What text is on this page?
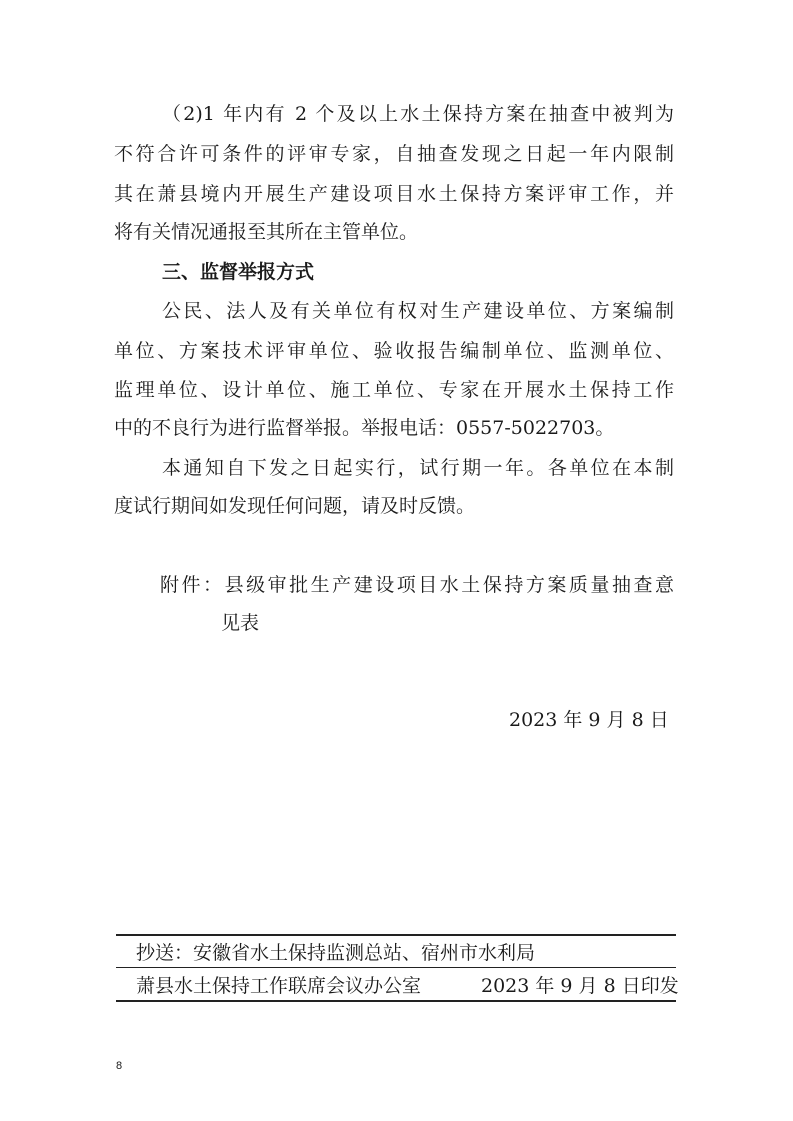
（2)1 年内有 2 个及以上水土保持方案在抽查中被判为
不符合许可条件的评审专家，自抽查发现之日起一年内限制
其在萧县境内开展生产建设项目水土保持方案评审工作，并
将有关情况通报至其所在主管单位。
三、监督举报方式
公民、法人及有关单位有权对生产建设单位、方案编制
单位、方案技术评审单位、验收报告编制单位、监测单位、
监理单位、设计单位、施工单位、专家在开展水土保持工作
中的不良行为进行监督举报。举报电话：0557-5022703。
本通知自下发之日起实行，试行期一年。各单位在本制
度试行期间如发现任何问题，请及时反馈。
附件：县级审批生产建设项目水土保持方案质量抽查意
见表
2023 年 9 月 8 日
抄送：安徽省水土保持监测总站、宿州市水利局
萧县水土保持工作联席会议办公室	2023 年 9 月 8 日印发
8
